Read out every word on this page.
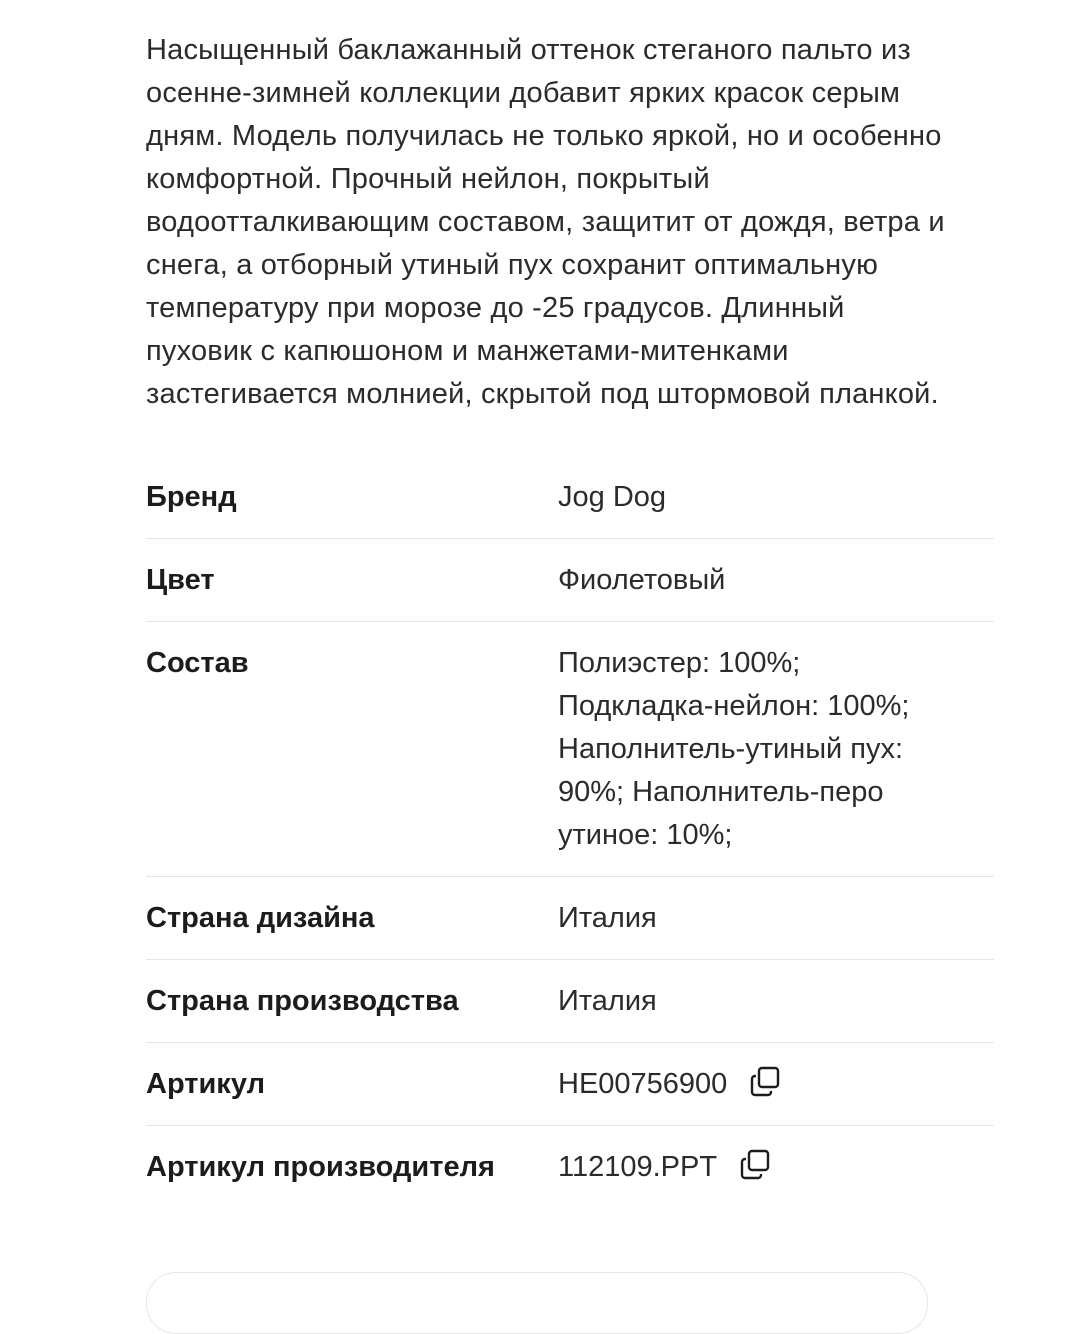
Насыщенный баклажанный оттенок стеганого пальто из осенне-зимней коллекции добавит ярких красок серым дням. Модель получилась не только яркой, но и особенно комфортной. Прочный нейлон, покрытый водоотталкивающим составом, защитит от дождя, ветра и снега, а отборный утиный пух сохранит оптимальную температуру при морозе до -25 градусов. Длинный пуховик с капюшоном и манжетами-митенками застегивается молнией, скрытой под штормовой планкой.

Бренд	Jog Dog
Цвет	Фиолетовый
Состав	Полиэстер: 100%; Подкладка-нейлон: 100%; Наполнитель-утиный пух: 90%; Наполнитель-перо утиное: 10%;
Страна дизайна	Италия
Страна производства	Италия
Артикул	HE00756900
Артикул производителя	112109.PPT
